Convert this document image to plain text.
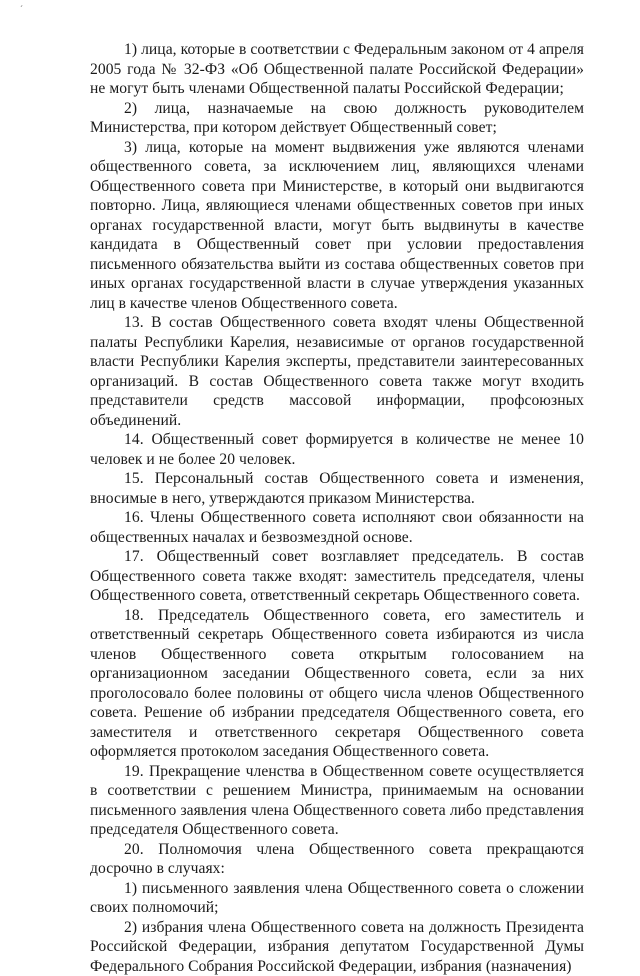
ˊ

1) лица, которые в соответствии с Федеральным законом от 4 апреля 2005 года № 32-ФЗ «Об Общественной палате Российской Федерации» не могут быть членами Общественной палаты Российской Федерации;

2) лица, назначаемые на свою должность руководителем Министерства, при котором действует Общественный совет;

3) лица, которые на момент выдвижения уже являются членами общественного совета, за исключением лиц, являющихся членами Общественного совета при Министерстве, в который они выдвигаются повторно. Лица, являющиеся членами общественных советов при иных органах государственной власти, могут быть выдвинуты в качестве кандидата в Общественный совет при условии предоставления письменного обязательства выйти из состава общественных советов при иных органах государственной власти в случае утверждения указанных лиц в качестве членов Общественного совета.

13. В состав Общественного совета входят члены Общественной палаты Республики Карелия, независимые от органов государственной власти Республики Карелия эксперты, представители заинтересованных организаций. В состав Общественного совета также могут входить представители средств массовой информации, профсоюзных объединений.

14. Общественный совет формируется в количестве не менее 10 человек и не более 20 человек.

15. Персональный состав Общественного совета и изменения, вносимые в него, утверждаются приказом Министерства.

16. Члены Общественного совета исполняют свои обязанности на общественных началах и безвозмездной основе.

17. Общественный совет возглавляет председатель. В состав Общественного совета также входят: заместитель председателя, члены Общественного совета, ответственный секретарь Общественного совета.

18. Председатель Общественного совета, его заместитель и ответственный секретарь Общественного совета избираются из числа членов Общественного совета открытым голосованием на организационном заседании Общественного совета, если за них проголосовало более половины от общего числа членов Общественного совета. Решение об избрании председателя Общественного совета, его заместителя и ответственного секретаря Общественного совета оформляется протоколом заседания Общественного совета.

19. Прекращение членства в Общественном совете осуществляется в соответствии с решением Министра, принимаемым на основании письменного заявления члена Общественного совета либо представления председателя Общественного совета.

20. Полномочия члена Общественного совета прекращаются досрочно в случаях:

1) письменного заявления члена Общественного совета о сложении своих полномочий;

2) избрания члена Общественного совета на должность Президента Российской Федерации, избрания депутатом Государственной Думы Федерального Собрания Российской Федерации, избрания (назначения)
